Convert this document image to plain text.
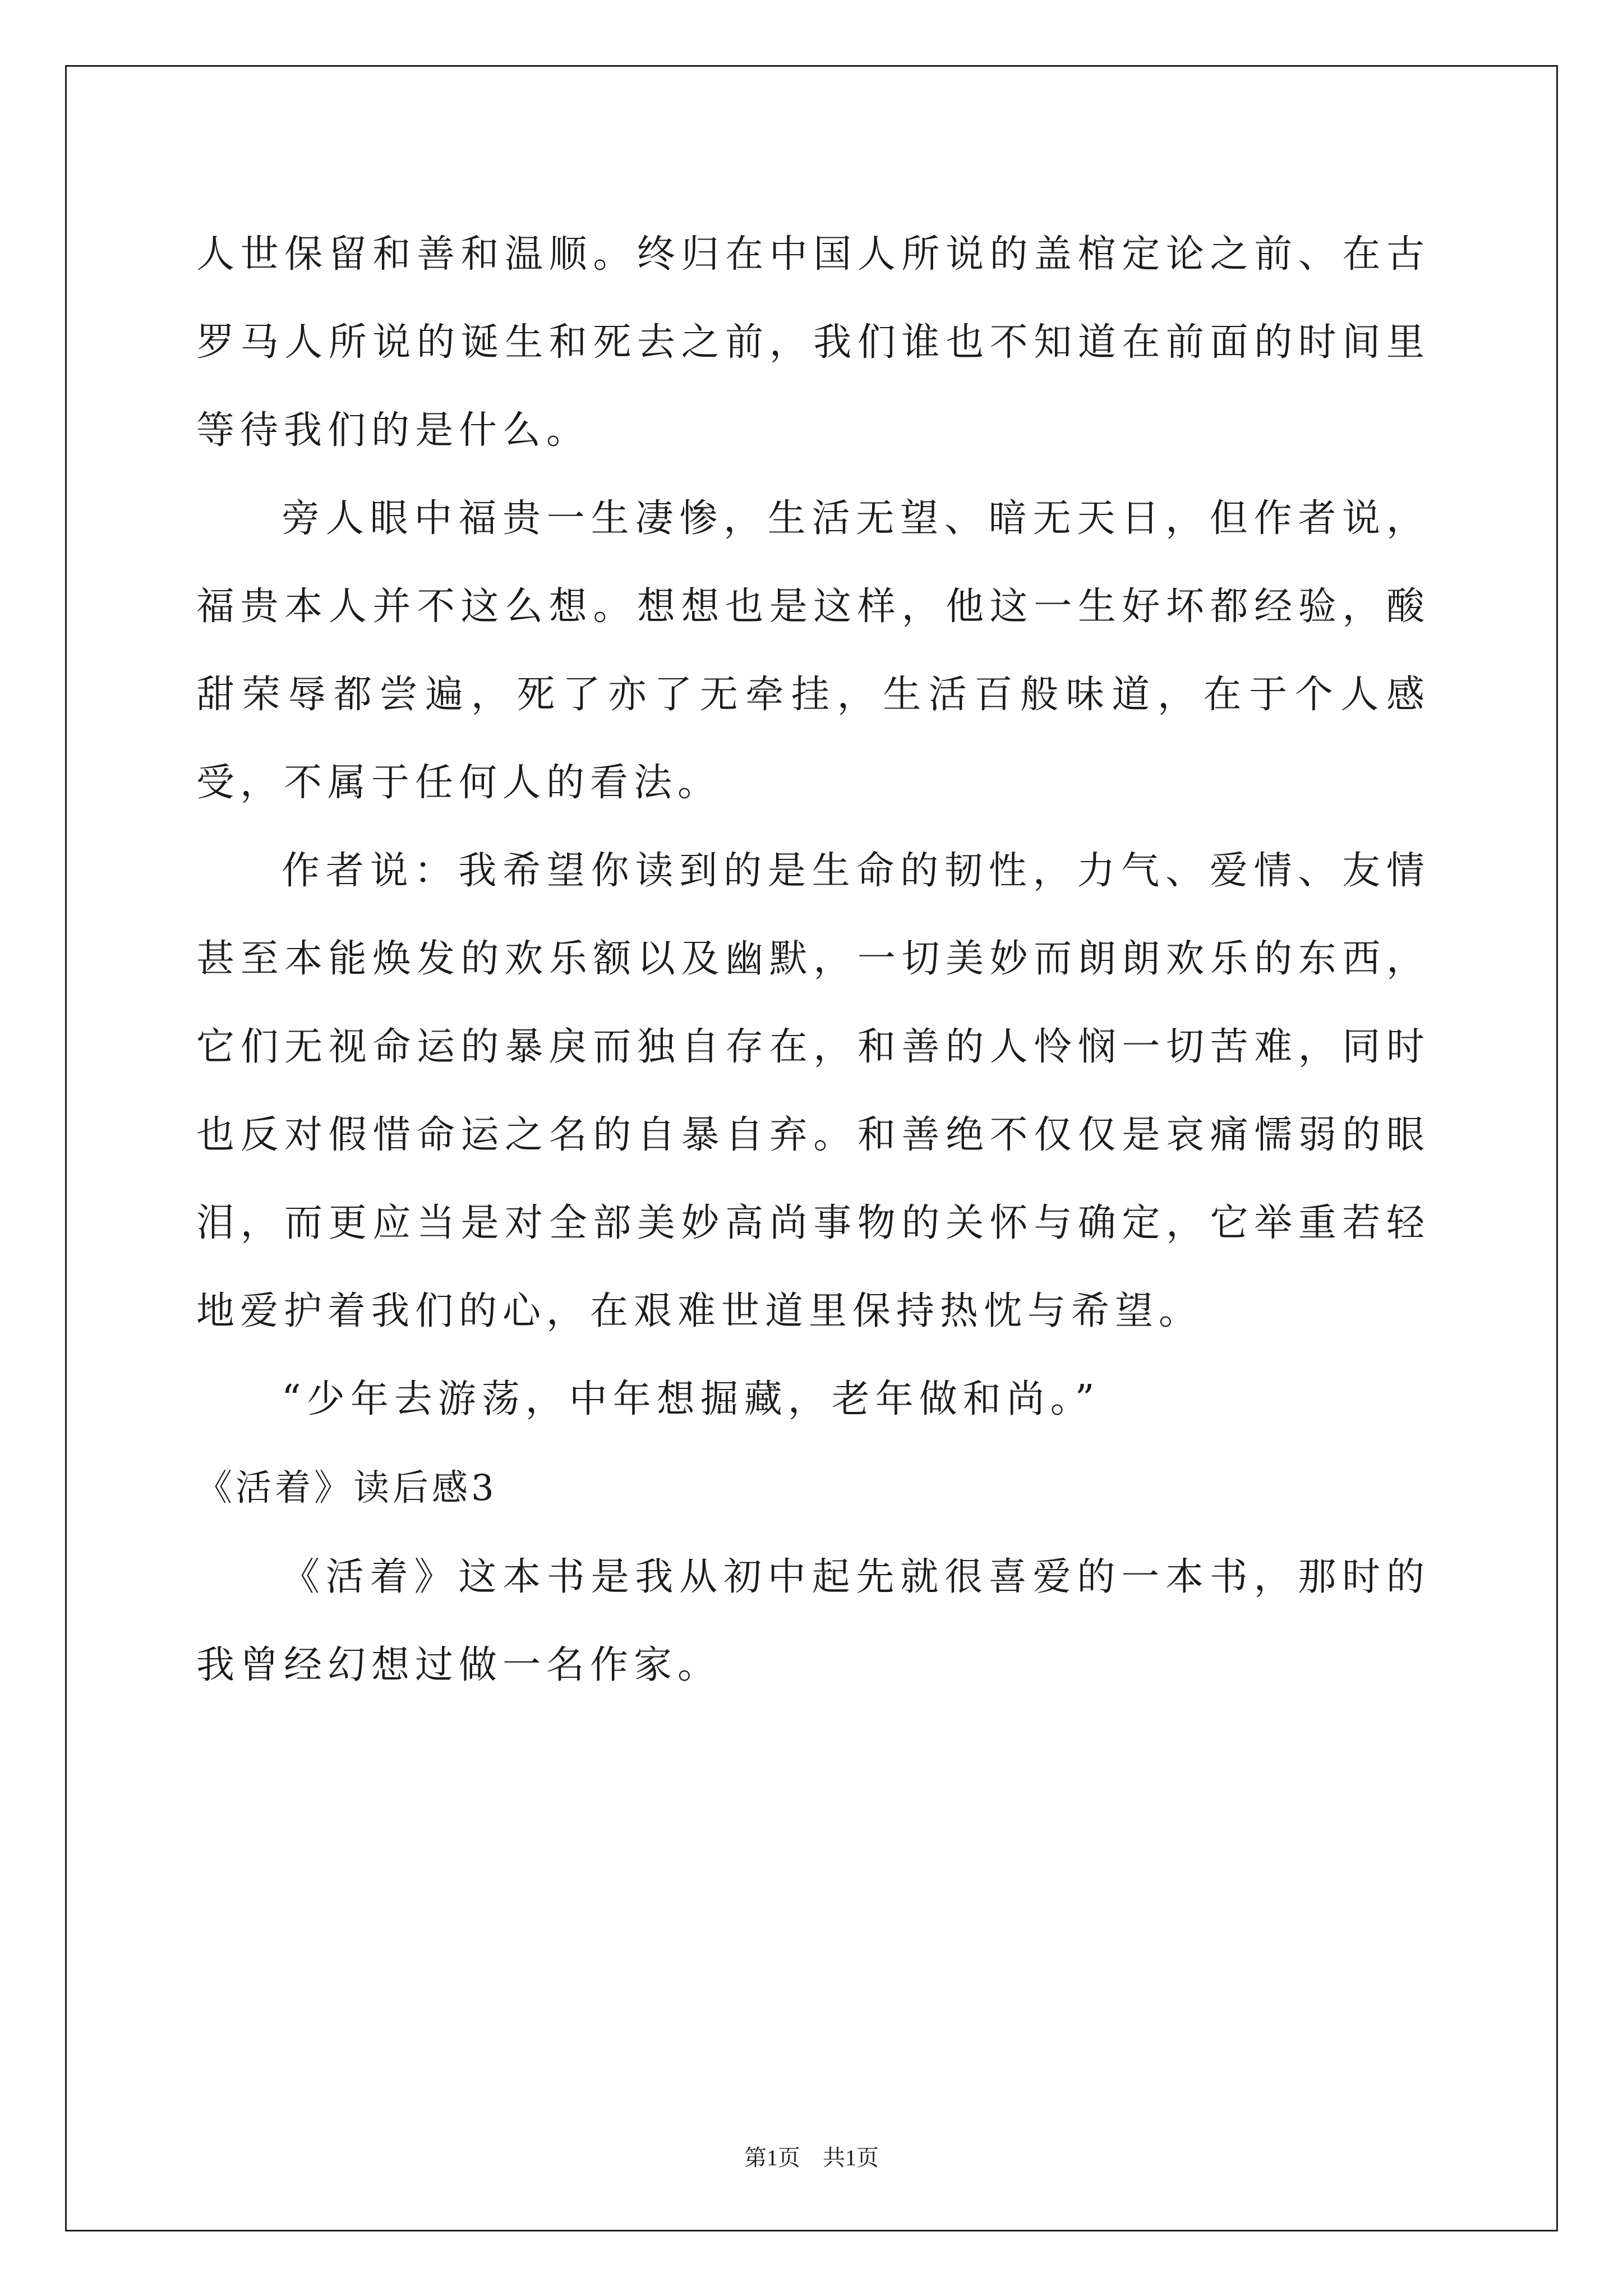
人世保留和善和温顺。终归在中国人所说的盖棺定论之前、在古罗马人所说的诞生和死去之前，我们谁也不知道在前面的时间里等待我们的是什么。

旁人眼中福贵一生凄惨，生活无望、暗无天日，但作者说，福贵本人并不这么想。想想也是这样，他这一生好坏都经验，酸甜荣辱都尝遍，死了亦了无牵挂，生活百般味道，在于个人感受，不属于任何人的看法。

作者说：我希望你读到的是生命的韧性，力气、爱情、友情甚至本能焕发的欢乐额以及幽默，一切美妙而朗朗欢乐的东西，它们无视命运的暴戾而独自存在，和善的人怜悯一切苦难，同时也反对假惜命运之名的自暴自弃。和善绝不仅仅是哀痛懦弱的眼泪，而更应当是对全部美妙高尚事物的关怀与确定，它举重若轻地爱护着我们的心，在艰难世道里保持热忱与希望。

“少年去游荡，中年想掘藏，老年做和尚。”

《活着》读后感3

《活着》这本书是我从初中起先就很喜爱的一本书，那时的我曾经幻想过做一名作家。

第1页　共1页
